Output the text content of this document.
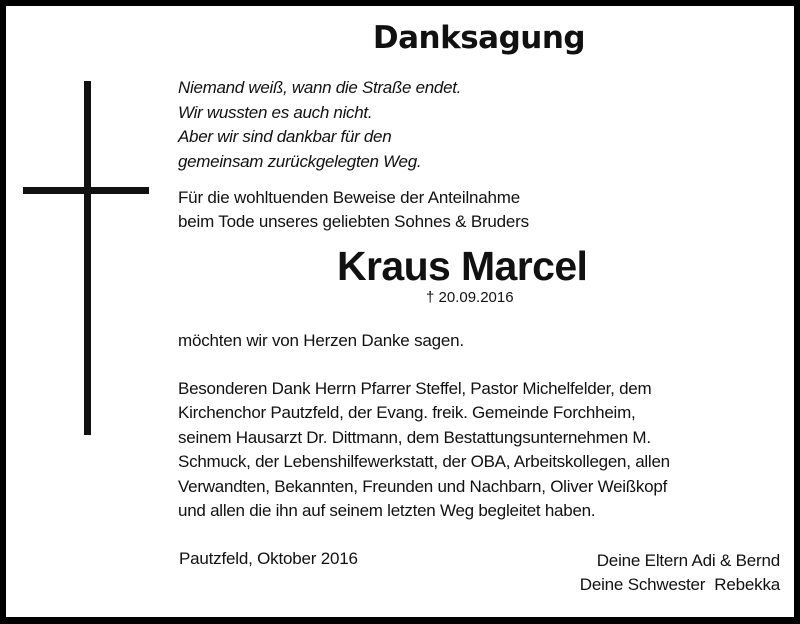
Danksagung
Niemand weiß, wann die Straße endet.
Wir wussten es auch nicht.
Aber wir sind dankbar für den
gemeinsam zurückgelegten Weg.
Für die wohltuenden Beweise der Anteilnahme
beim Tode unseres geliebten Sohnes & Bruders
Kraus Marcel
† 20.09.2016
möchten wir von Herzen Danke sagen.
Besonderen Dank Herrn Pfarrer Steffel, Pastor Michelfelder, dem
Kirchenchor Pautzfeld, der Evang. freik. Gemeinde Forchheim,
seinem Hausarzt Dr. Dittmann, dem Bestattungsunternehmen M.
Schmuck, der Lebenshilfewerkstatt, der OBA, Arbeitskollegen, allen
Verwandten, Bekannten, Freunden und Nachbarn, Oliver Weißkopf
und allen die ihn auf seinem letzten Weg begleitet haben.
Pautzfeld, Oktober 2016	Deine Eltern Adi & Bernd
Deine Schwester  Rebekka
